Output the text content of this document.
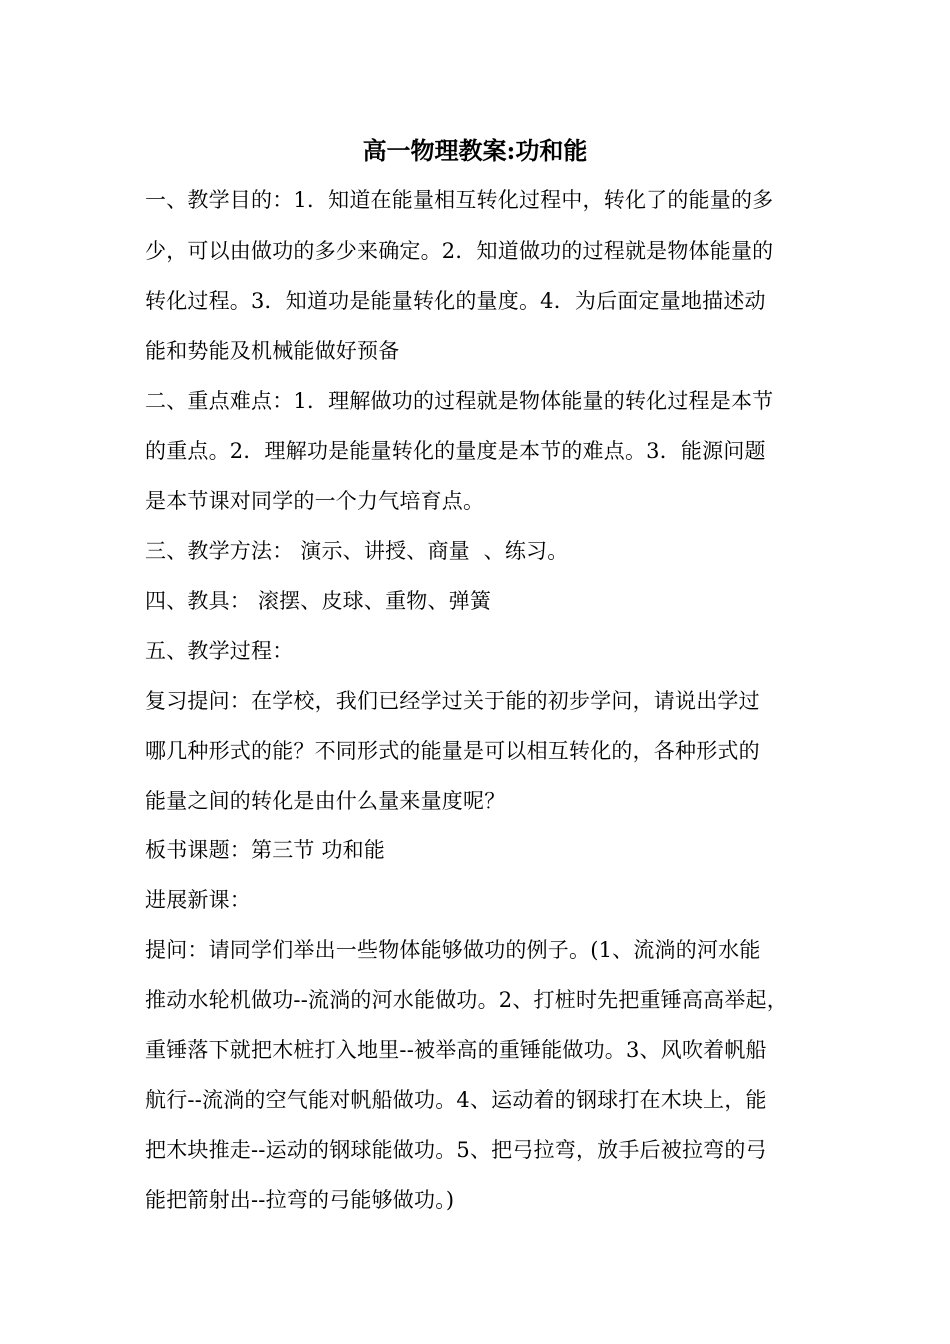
高一物理教案:功和能
一、教学目的：1．知道在能量相互转化过程中，转化了的能量的多
少，可以由做功的多少来确定。2．知道做功的过程就是物体能量的
转化过程。3．知道功是能量转化的量度。4．为后面定量地描述动
能和势能及机械能做好预备
二、重点难点：1．理解做功的过程就是物体能量的转化过程是本节
的重点。2．理解功是能量转化的量度是本节的难点。3．能源问题
是本节课对同学的一个力气培育点。
三、教学方法： 演示、讲授、商量  、练习。
四、教具： 滚摆、皮球、重物、弹簧
五、教学过程：
复习提问：在学校，我们已经学过关于能的初步学问，请说出学过
哪几种形式的能？不同形式的能量是可以相互转化的，各种形式的
能量之间的转化是由什么量来量度呢？
板书课题：第三节 功和能
进展新课：
提问：请同学们举出一些物体能够做功的例子。(1、流淌的河水能
推动水轮机做功--流淌的河水能做功。2、打桩时先把重锤高高举起，
重锤落下就把木桩打入地里--被举高的重锤能做功。3、风吹着帆船
航行--流淌的空气能对帆船做功。4、运动着的钢球打在木块上，能
把木块推走--运动的钢球能做功。5、把弓拉弯，放手后被拉弯的弓
能把箭射出--拉弯的弓能够做功。)
